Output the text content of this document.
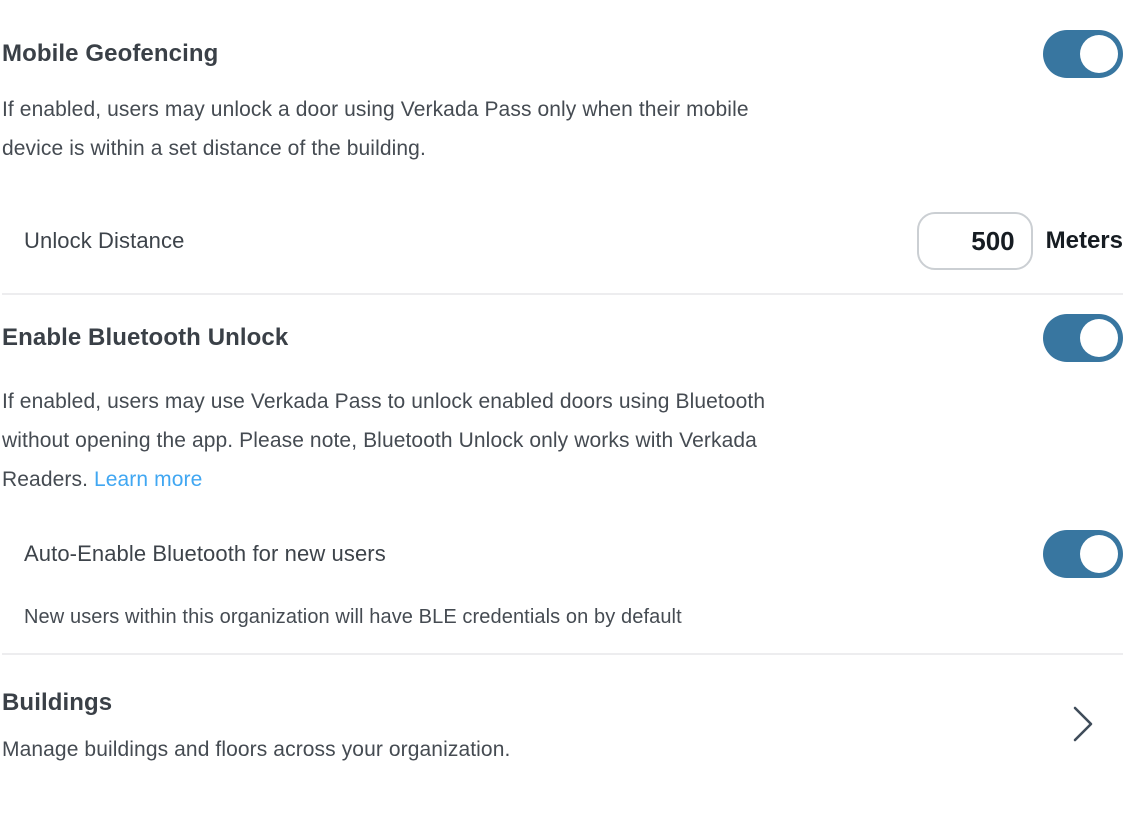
Mobile Geofencing

If enabled, users may unlock a door using Verkada Pass only when their mobile device is within a set distance of the building.

Unlock Distance
500	Meters
Enable Bluetooth Unlock

If enabled, users may use Verkada Pass to unlock enabled doors using Bluetooth without opening the app. Please note, Bluetooth Unlock only works with Verkada Readers. Learn more

Auto-Enable Bluetooth for new users

New users within this organization will have BLE credentials on by default

Buildings

Manage buildings and floors across your organization.
